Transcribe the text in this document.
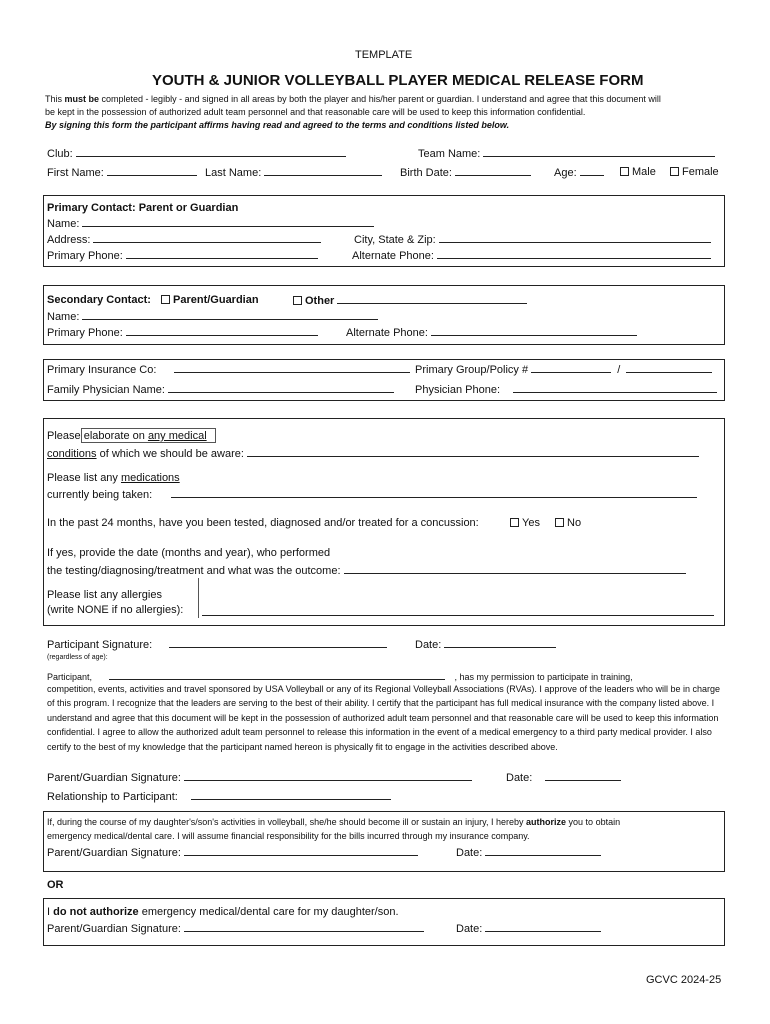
TEMPLATE
YOUTH & JUNIOR VOLLEYBALL PLAYER MEDICAL RELEASE FORM
This must be completed - legibly - and signed in all areas by both the player and his/her parent or guardian. I understand and agree that this document will
be kept in the possession of authorized adult team personnel and that reasonable care will be used to keep this information confidential.
By signing this form the participant affirms having read and agreed to the terms and conditions listed below.
Club:	Team Name:
First Name:	Last Name:	Birth Date:	Age:	Male	Female
Primary Contact: Parent or Guardian
Name:
Address:	City, State & Zip:
Primary Phone:	Alternate Phone:
Secondary Contact:	Parent/Guardian	Other
Name:
Primary Phone:	Alternate Phone:
Primary Insurance Co:	Primary Group/Policy #	/
Family Physician Name:	Physician Phone:
Please elaborate on any medical
conditions of which we should be aware:
Please list any medications
currently being taken:
In the past 24 months, have you been tested, diagnosed and/or treated for a concussion:	Yes	No
If yes, provide the date (months and year), who performed
the testing/diagnosing/treatment and what was the outcome:
Please list any allergies
(write NONE if no allergies):
Participant Signature:	Date:
(regardless of age):
Participant,	, has my permission to participate in training,
competition, events, activities and travel sponsored by USA Volleyball or any of its Regional Volleyball Associations (RVAs). I approve of the leaders who will be in charge of this program. I recognize that the leaders are serving to the best of their ability. I certify that the participant has full medical insurance with the company listed above. I understand and agree that this document will be kept in the possession of authorized adult team personnel and that reasonable care will be used to keep this information confidential. I agree to allow the authorized adult team personnel to release this information in the event of a medical emergency to a third party medical provider. I also certify to the best of my knowledge that the participant named hereon is physically fit to engage in the activities described above.
Parent/Guardian Signature:	Date:
Relationship to Participant:
If, during the course of my daughter's/son's activities in volleyball, she/he should become ill or sustain an injury, I hereby authorize you to obtain
emergency medical/dental care. I will assume financial responsibility for the bills incurred through my insurance company.
Parent/Guardian Signature:	Date:
OR
I do not authorize emergency medical/dental care for my daughter/son.
Parent/Guardian Signature:	Date:
GCVC 2024-25
